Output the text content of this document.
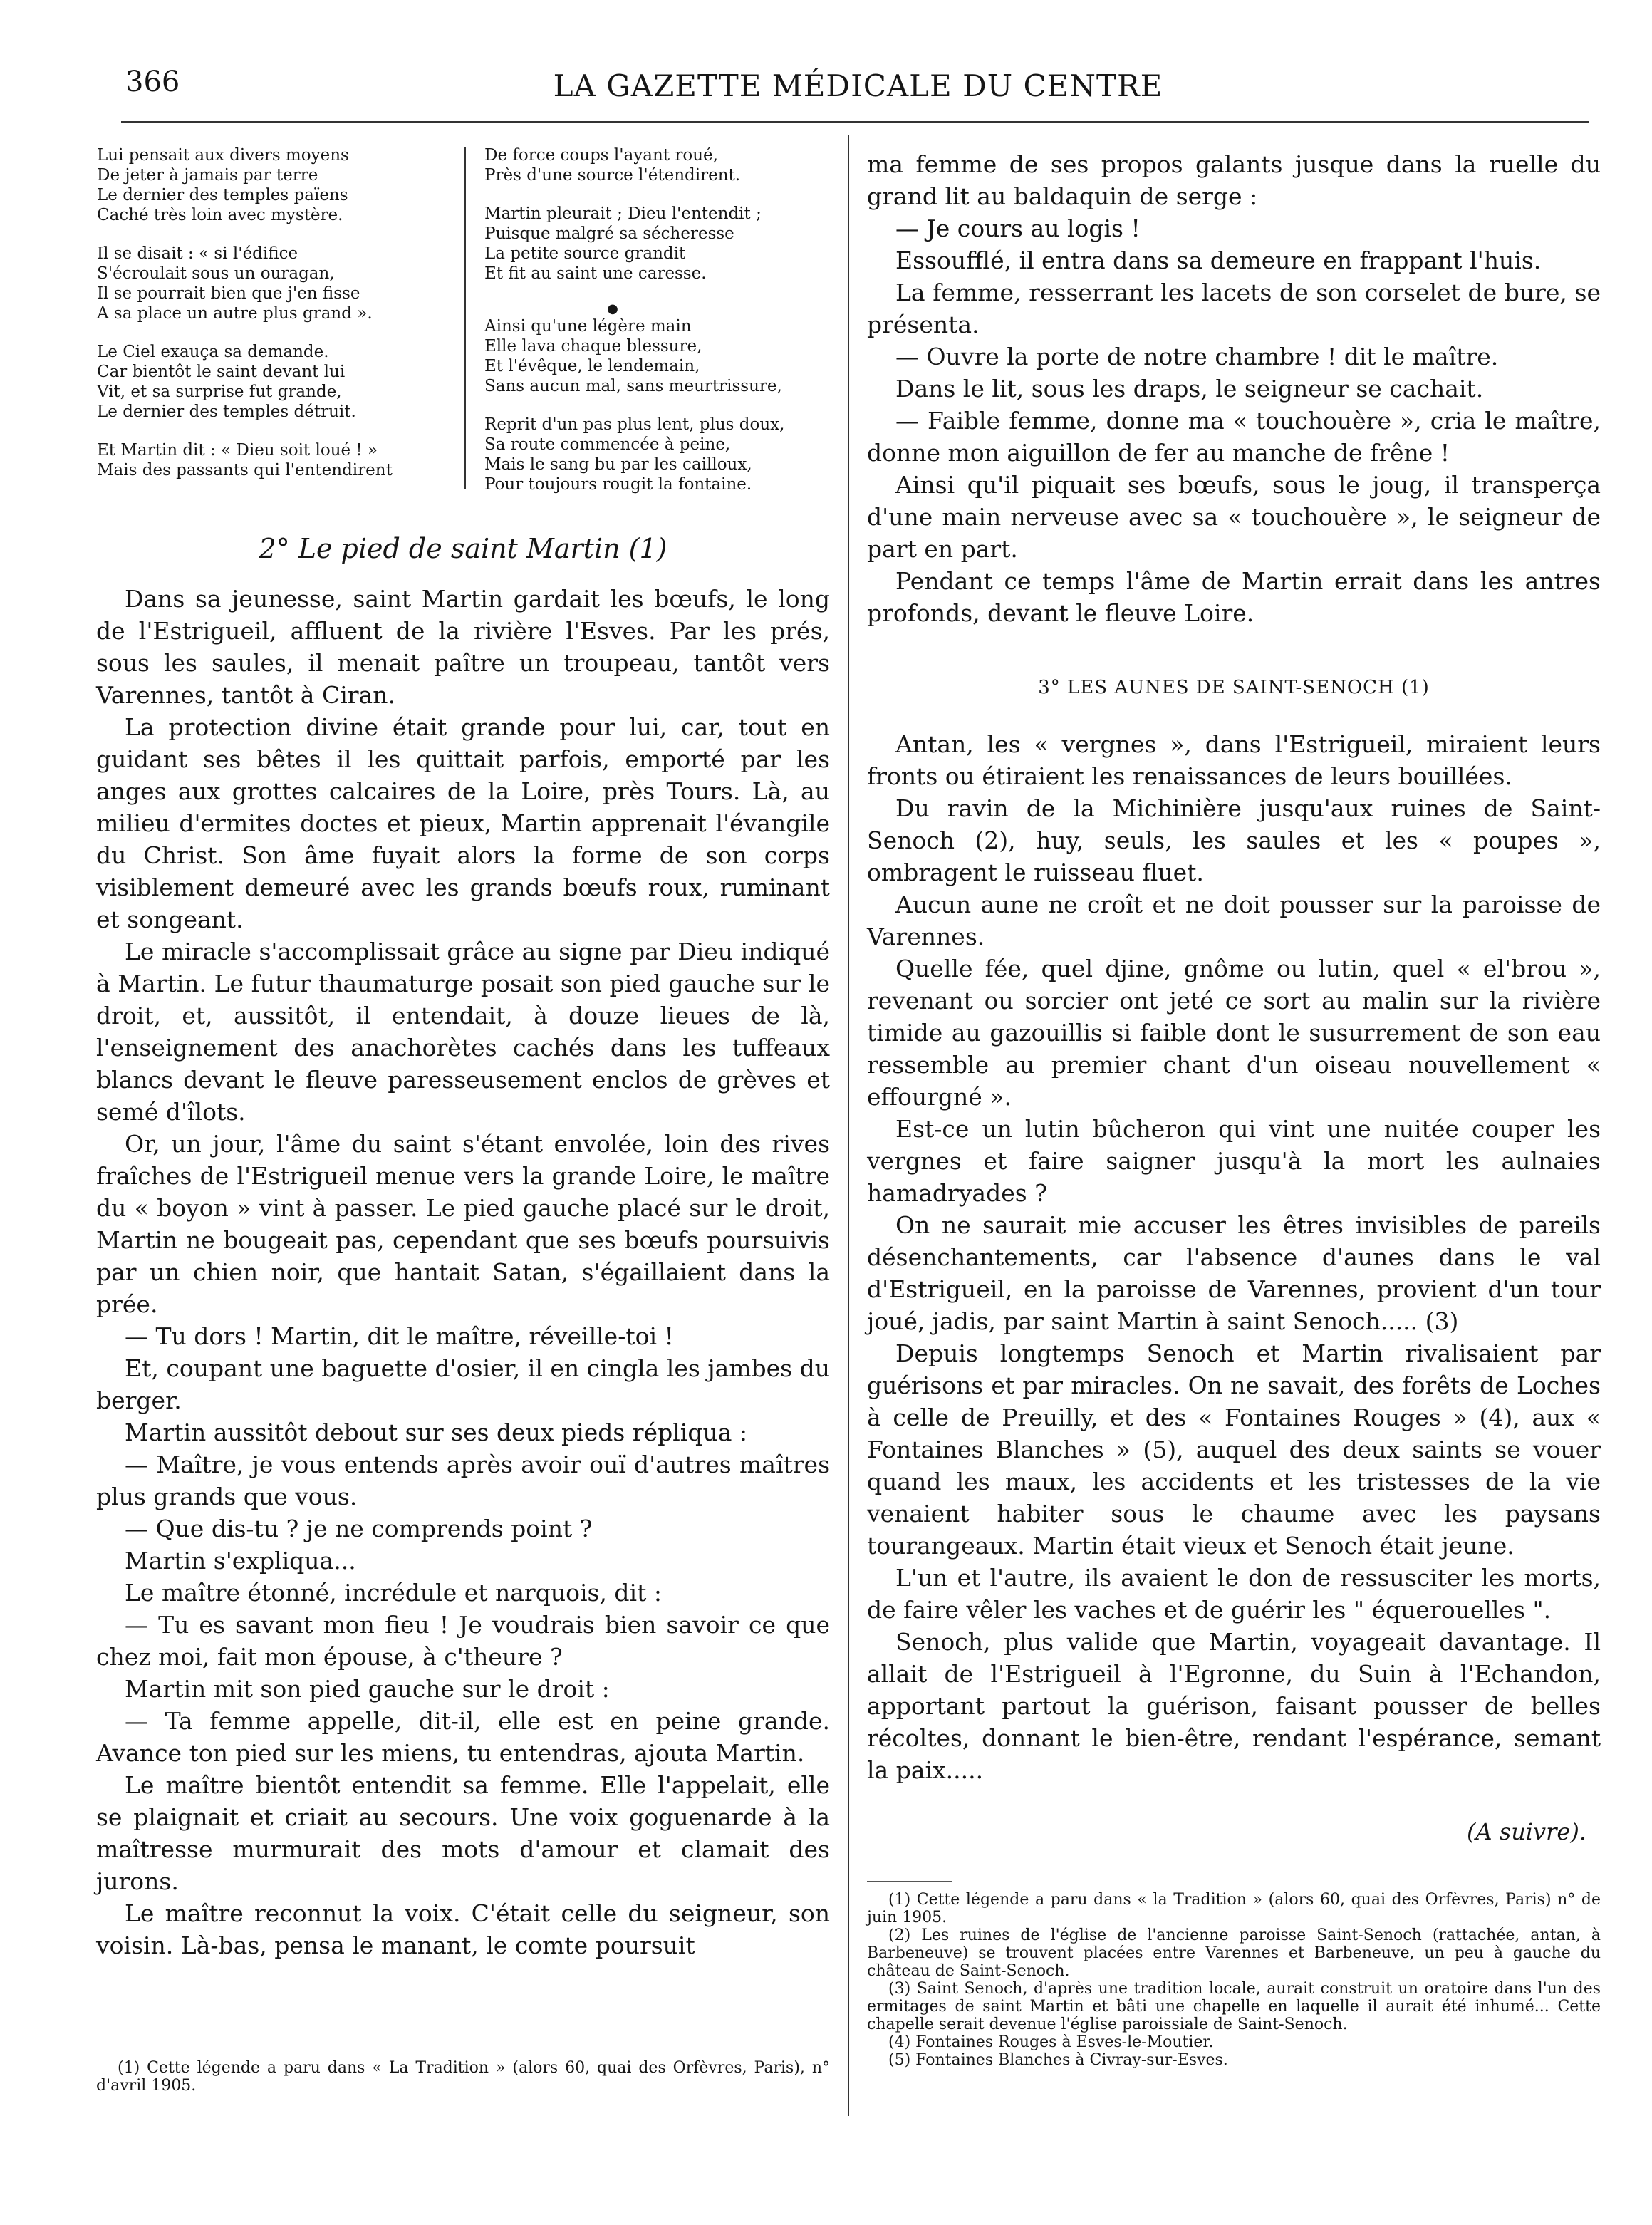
366	LA GAZETTE MÉDICALE DU CENTRE
Lui pensait aux divers moyens
De jeter à jamais par terre
Le dernier des temples païens
Caché très loin avec mystère.
Il se disait : « si l'édifice
S'écroulait sous un ouragan,
Il se pourrait bien que j'en fisse
A sa place un autre plus grand ».
Le Ciel exauça sa demande.
Car bientôt le saint devant lui
Vit, et sa surprise fut grande,
Le dernier des temples détruit.
Et Martin dit : « Dieu soit loué ! »
Mais des passants qui l'entendirent
De force coups l'ayant roué,
Près d'une source l'étendirent.
Martin pleurait ; Dieu l'entendit ;
Puisque malgré sa sécheresse
La petite source grandit
Et fit au saint une caresse.
●
Ainsi qu'une légère main
Elle lava chaque blessure,
Et l'évêque, le lendemain,
Sans aucun mal, sans meurtrissure,
Reprit d'un pas plus lent, plus doux,
Sa route commencée à peine,
Mais le sang bu par les cailloux,
Pour toujours rougit la fontaine.
2° Le pied de saint Martin (1)

Dans sa jeunesse, saint Martin gardait les bœufs, le long de l'Estrigueil, affluent de la rivière l'Esves. Par les prés, sous les saules, il menait paître un troupeau, tantôt vers Varennes, tantôt à Ciran.

La protection divine était grande pour lui, car, tout en guidant ses bêtes il les quittait parfois, emporté par les anges aux grottes calcaires de la Loire, près Tours. Là, au milieu d'ermites doctes et pieux, Martin apprenait l'évangile du Christ. Son âme fuyait alors la forme de son corps visiblement demeuré avec les grands bœufs roux, ruminant et songeant.

Le miracle s'accomplissait grâce au signe par Dieu indiqué à Martin. Le futur thaumaturge posait son pied gauche sur le droit, et, aussitôt, il entendait, à douze lieues de là, l'enseignement des anachorètes cachés dans les tuffeaux blancs devant le fleuve paresseusement enclos de grèves et semé d'îlots.

Or, un jour, l'âme du saint s'étant envolée, loin des rives fraîches de l'Estrigueil menue vers la grande Loire, le maître du « boyon » vint à passer. Le pied gauche placé sur le droit, Martin ne bougeait pas, cependant que ses bœufs poursuivis par un chien noir, que hantait Satan, s'égaillaient dans la prée.

— Tu dors ! Martin, dit le maître, réveille-toi !

Et, coupant une baguette d'osier, il en cingla les jambes du berger.

Martin aussitôt debout sur ses deux pieds répliqua :

— Maître, je vous entends après avoir ouï d'autres maîtres plus grands que vous.

— Que dis-tu ? je ne comprends point ?

Martin s'expliqua...

Le maître étonné, incrédule et narquois, dit :

— Tu es savant mon fieu ! Je voudrais bien savoir ce que chez moi, fait mon épouse, à c'theure ?

Martin mit son pied gauche sur le droit :

— Ta femme appelle, dit-il, elle est en peine grande. Avance ton pied sur les miens, tu entendras, ajouta Martin.

Le maître bientôt entendit sa femme. Elle l'appelait, elle se plaignait et criait au secours. Une voix goguenarde à la maîtresse murmurait des mots d'amour et clamait des jurons.

Le maître reconnut la voix. C'était celle du seigneur, son voisin. Là-bas, pensa le manant, le comte poursuit

(1) Cette légende a paru dans « La Tradition » (alors 60, quai des Orfèvres, Paris), n° d'avril 1905.

ma femme de ses propos galants jusque dans la ruelle du grand lit au baldaquin de serge :

— Je cours au logis !

Essoufflé, il entra dans sa demeure en frappant l'huis.

La femme, resserrant les lacets de son corselet de bure, se présenta.

— Ouvre la porte de notre chambre ! dit le maître.

Dans le lit, sous les draps, le seigneur se cachait.

— Faible femme, donne ma « touchouère », cria le maître, donne mon aiguillon de fer au manche de frêne !

Ainsi qu'il piquait ses bœufs, sous le joug, il transperça d'une main nerveuse avec sa « touchouère », le seigneur de part en part.

Pendant ce temps l'âme de Martin errait dans les antres profonds, devant le fleuve Loire.

3° LES AUNES DE SAINT-SENOCH (1)

Antan, les « vergnes », dans l'Estrigueil, miraient leurs fronts ou étiraient les renaissances de leurs bouillées.

Du ravin de la Michinière jusqu'aux ruines de Saint-Senoch (2), huy, seuls, les saules et les « poupes », ombragent le ruisseau fluet.

Aucun aune ne croît et ne doit pousser sur la paroisse de Varennes.

Quelle fée, quel djine, gnôme ou lutin, quel « el'brou », revenant ou sorcier ont jeté ce sort au malin sur la rivière timide au gazouillis si faible dont le susurrement de son eau ressemble au premier chant d'un oiseau nouvellement « effourgné ».

Est-ce un lutin bûcheron qui vint une nuitée couper les vergnes et faire saigner jusqu'à la mort les aulnaies hamadryades ?

On ne saurait mie accuser les êtres invisibles de pareils désenchantements, car l'absence d'aunes dans le val d'Estrigueil, en la paroisse de Varennes, provient d'un tour joué, jadis, par saint Martin à saint Senoch..... (3)

Depuis longtemps Senoch et Martin rivalisaient par guérisons et par miracles. On ne savait, des forêts de Loches à celle de Preuilly, et des « Fontaines Rouges » (4), aux « Fontaines Blanches » (5), auquel des deux saints se vouer quand les maux, les accidents et les tristesses de la vie venaient habiter sous le chaume avec les paysans tourangeaux. Martin était vieux et Senoch était jeune.

L'un et l'autre, ils avaient le don de ressusciter les morts, de faire vêler les vaches et de guérir les " équerouelles ".

Senoch, plus valide que Martin, voyageait davantage. Il allait de l'Estrigueil à l'Egronne, du Suin à l'Echandon, apportant partout la guérison, faisant pousser de belles récoltes, donnant le bien-être, rendant l'espérance, semant la paix.....

(A suivre).

(1) Cette légende a paru dans « la Tradition » (alors 60, quai des Orfèvres, Paris) n° de juin 1905.

(2) Les ruines de l'église de l'ancienne paroisse Saint-Senoch (rattachée, antan, à Barbeneuve) se trouvent placées entre Varennes et Barbeneuve, un peu à gauche du château de Saint-Senoch.

(3) Saint Senoch, d'après une tradition locale, aurait construit un oratoire dans l'un des ermitages de saint Martin et bâti une chapelle en laquelle il aurait été inhumé... Cette chapelle serait devenue l'église paroissiale de Saint-Senoch.

(4) Fontaines Rouges à Esves-le-Moutier.

(5) Fontaines Blanches à Civray-sur-Esves.
